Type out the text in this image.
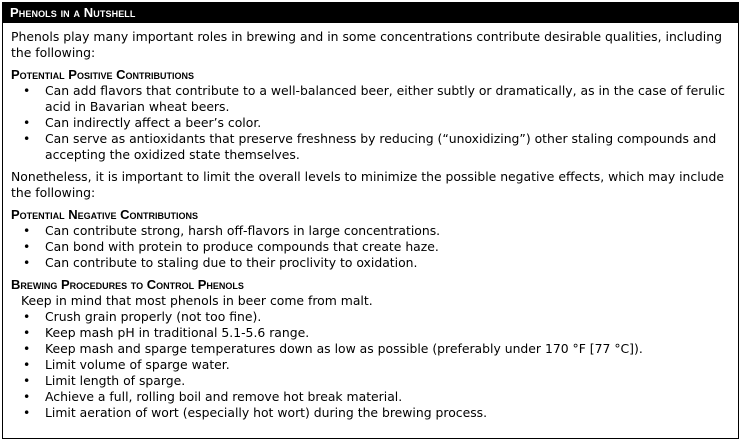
Phenols in a Nutshell

Phenols play many important roles in brewing and in some concentrations contribute desirable qualities, including the following:

Potential Positive Contributions
• Can add flavors that contribute to a well-balanced beer, either subtly or dramatically, as in the case of ferulic acid in Bavarian wheat beers.
• Can indirectly affect a beer’s color.
• Can serve as antioxidants that preserve freshness by reducing (“unoxidizing”) other staling compounds and accepting the oxidized state themselves.

Nonetheless, it is important to limit the overall levels to minimize the possible negative effects, which may include the following:

Potential Negative Contributions
• Can contribute strong, harsh off-flavors in large concentrations.
• Can bond with protein to produce compounds that create haze.
• Can contribute to staling due to their proclivity to oxidation.
Brewing Procedures to Control Phenols

Keep in mind that most phenols in beer come from malt.

• Crush grain properly (not too fine).
• Keep mash pH in traditional 5.1-5.6 range.
• Keep mash and sparge temperatures down as low as possible (preferably under 170 °F [77 °C]).
• Limit volume of sparge water.
• Limit length of sparge.
• Achieve a full, rolling boil and remove hot break material.
• Limit aeration of wort (especially hot wort) during the brewing process.
